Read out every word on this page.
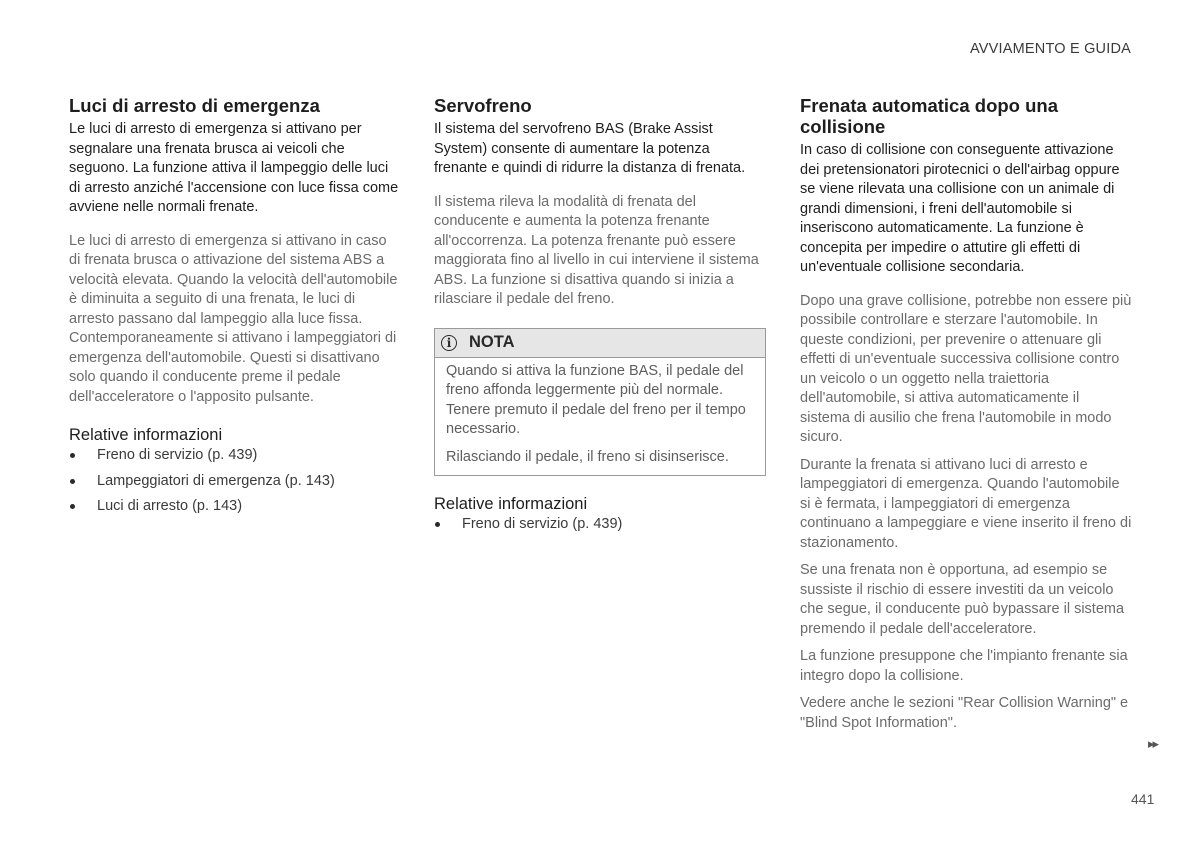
AVVIAMENTO E GUIDA
Luci di arresto di emergenza

Le luci di arresto di emergenza si attivano per segnalare una frenata brusca ai veicoli che seguono. La funzione attiva il lampeggio delle luci di arresto anziché l'accensione con luce fissa come avviene nelle normali frenate.

Le luci di arresto di emergenza si attivano in caso di frenata brusca o attivazione del sistema ABS a velocità elevata. Quando la velocità dell'automobile è diminuita a seguito di una frenata, le luci di arresto passano dal lampeggio alla luce fissa. Contemporaneamente si attivano i lampeggiatori di emergenza dell'automobile. Questi si disattivano solo quando il conducente preme il pedale dell'acceleratore o l'apposito pulsante.

Relative informazioni
Freno di servizio (p. 439)
Lampeggiatori di emergenza (p. 143)
Luci di arresto (p. 143)
Servofreno

Il sistema del servofreno BAS (Brake Assist System) consente di aumentare la potenza frenante e quindi di ridurre la distanza di frenata.

Il sistema rileva la modalità di frenata del conducente e aumenta la potenza frenante all'occorrenza. La potenza frenante può essere maggiorata fino al livello in cui interviene il sistema ABS. La funzione si disattiva quando si inizia a rilasciare il pedale del freno.

i	NOTA

Quando si attiva la funzione BAS, il pedale del freno affonda leggermente più del normale. Tenere premuto il pedale del freno per il tempo necessario.

Rilasciando il pedale, il freno si disinserisce.

Relative informazioni
Freno di servizio (p. 439)
Frenata automatica dopo una collisione

In caso di collisione con conseguente attivazione dei pretensionatori pirotecnici o dell'airbag oppure se viene rilevata una collisione con un animale di grandi dimensioni, i freni dell'automobile si inseriscono automaticamente. La funzione è concepita per impedire o attutire gli effetti di un'eventuale collisione secondaria.

Dopo una grave collisione, potrebbe non essere più possibile controllare e sterzare l'automobile. In queste condizioni, per prevenire o attenuare gli effetti di un'eventuale successiva collisione contro un veicolo o un oggetto nella traiettoria dell'automobile, si attiva automaticamente il sistema di ausilio che frena l'automobile in modo sicuro.

Durante la frenata si attivano luci di arresto e lampeggiatori di emergenza. Quando l'automobile si è fermata, i lampeggiatori di emergenza continuano a lampeggiare e viene inserito il freno di stazionamento.

Se una frenata non è opportuna, ad esempio se sussiste il rischio di essere investiti da un veicolo che segue, il conducente può bypassare il sistema premendo il pedale dell'acceleratore.

La funzione presuppone che l'impianto frenante sia integro dopo la collisione.

Vedere anche le sezioni "Rear Collision Warning" e "Blind Spot Information".

▸▸
441
